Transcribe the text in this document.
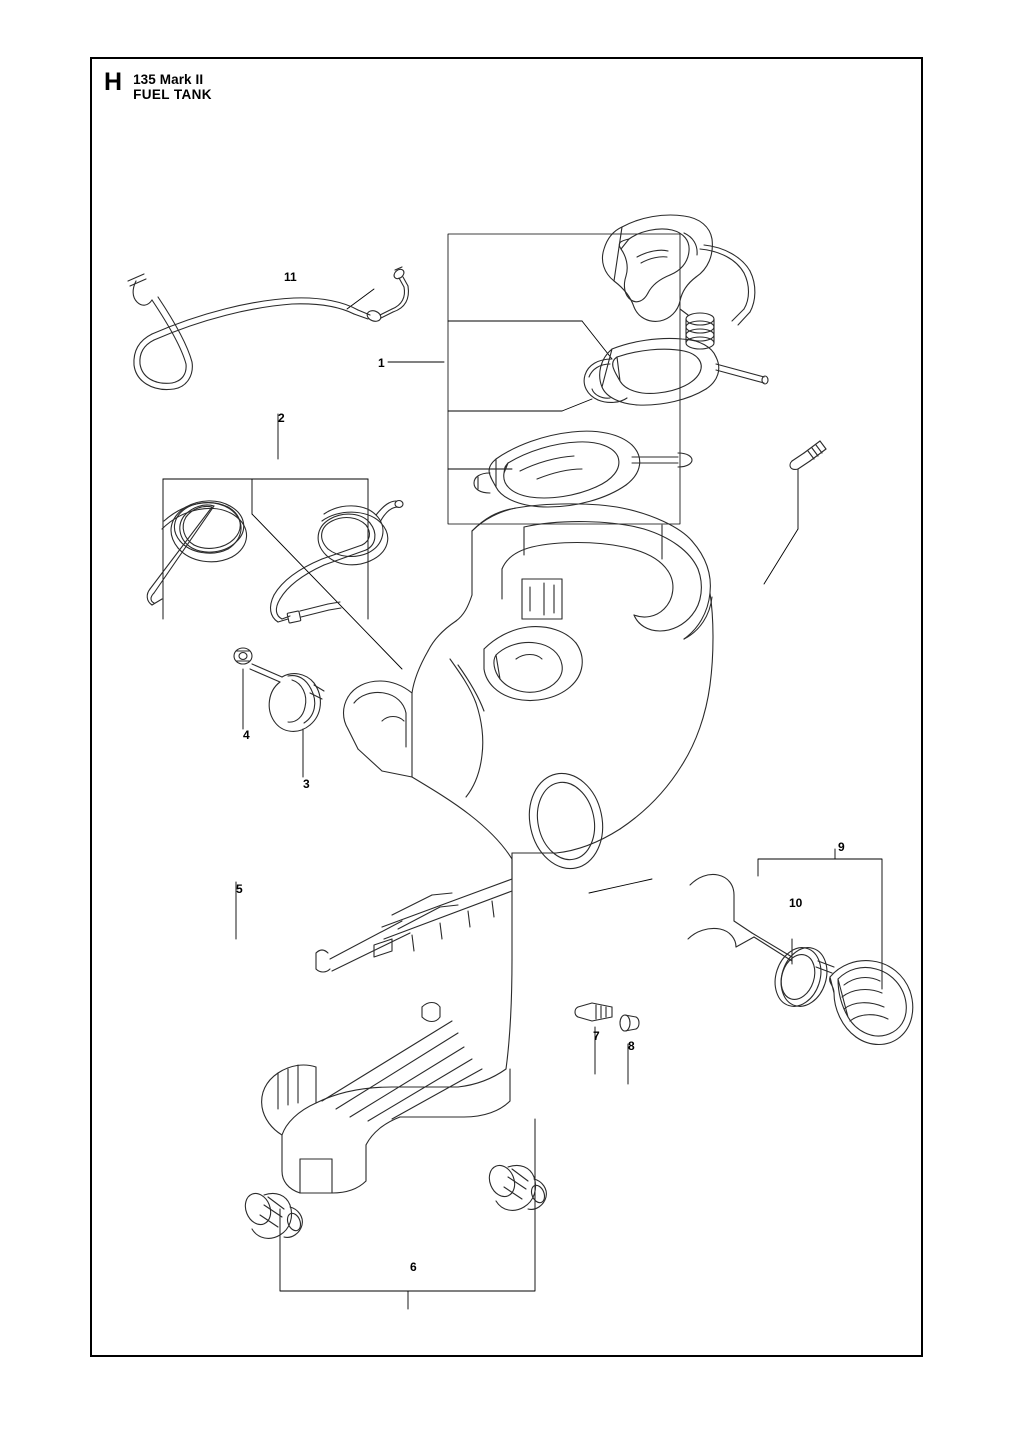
H 135 Mark II
FUEL TANK
1
2
3
4
5
6
7
8
9
10
11
